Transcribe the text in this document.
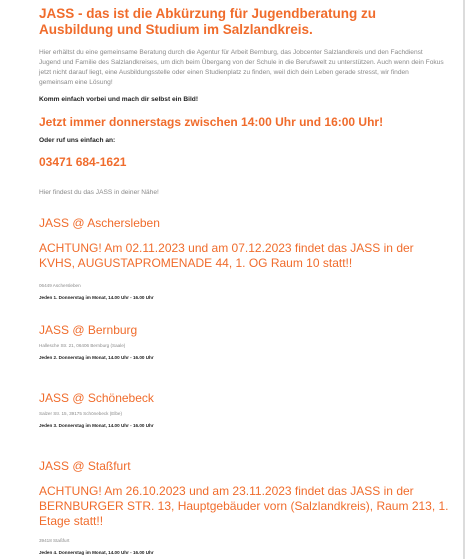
JASS - das ist die Abkürzung für Jugendberatung zu Ausbildung und Studium im Salzlandkreis.

Hier erhältst du eine gemeinsame Beratung durch die Agentur für Arbeit Bernburg, das Jobcenter Salzlandkreis und den Fachdienst Jugend und Familie des Salzlandkreises, um dich beim Übergang von der Schule in die Berufswelt zu unterstützen. Auch wenn dein Fokus jetzt nicht darauf liegt, eine Ausbildungsstelle oder einen Studienplatz zu finden, weil dich dein Leben gerade stresst, wir finden gemeinsam eine Lösung!

Komm einfach vorbei und mach dir selbst ein Bild!

Jetzt immer donnerstags zwischen 14:00 Uhr und 16:00 Uhr!

Oder ruf uns einfach an:

03471 684-1621

Hier findest du das JASS in deiner Nähe!

JASS @ Aschersleben

ACHTUNG! Am 02.11.2023 und am 07.12.2023 findet das JASS in der KVHS, AUGUSTAPROMENADE 44, 1. OG Raum 10 statt!!

06449 Aschersleben

Jeden 1. Donnerstag im Monat, 14.00 Uhr - 16.00 Uhr

JASS @ Bernburg

Hallesche Str. 21, 06406 Bernburg (Saale)

Jeden 2. Donnerstag im Monat, 14.00 Uhr - 16.00 Uhr

JASS @ Schönebeck

Salzer Str. 15, 39175 Schönebeck (Elbe)

Jeden 3. Donnerstag im Monat, 14.00 Uhr - 16.00 Uhr

JASS @ Staßfurt

ACHTUNG! Am 26.10.2023 und am 23.11.2023 findet das JASS in der BERNBURGER STR. 13, Hauptgebäuder vorn (Salzlandkreis), Raum 213, 1. Etage statt!!

39418 Staßfurt

Jeden 4. Donnerstag im Monat, 14.00 Uhr - 16.00 Uhr
